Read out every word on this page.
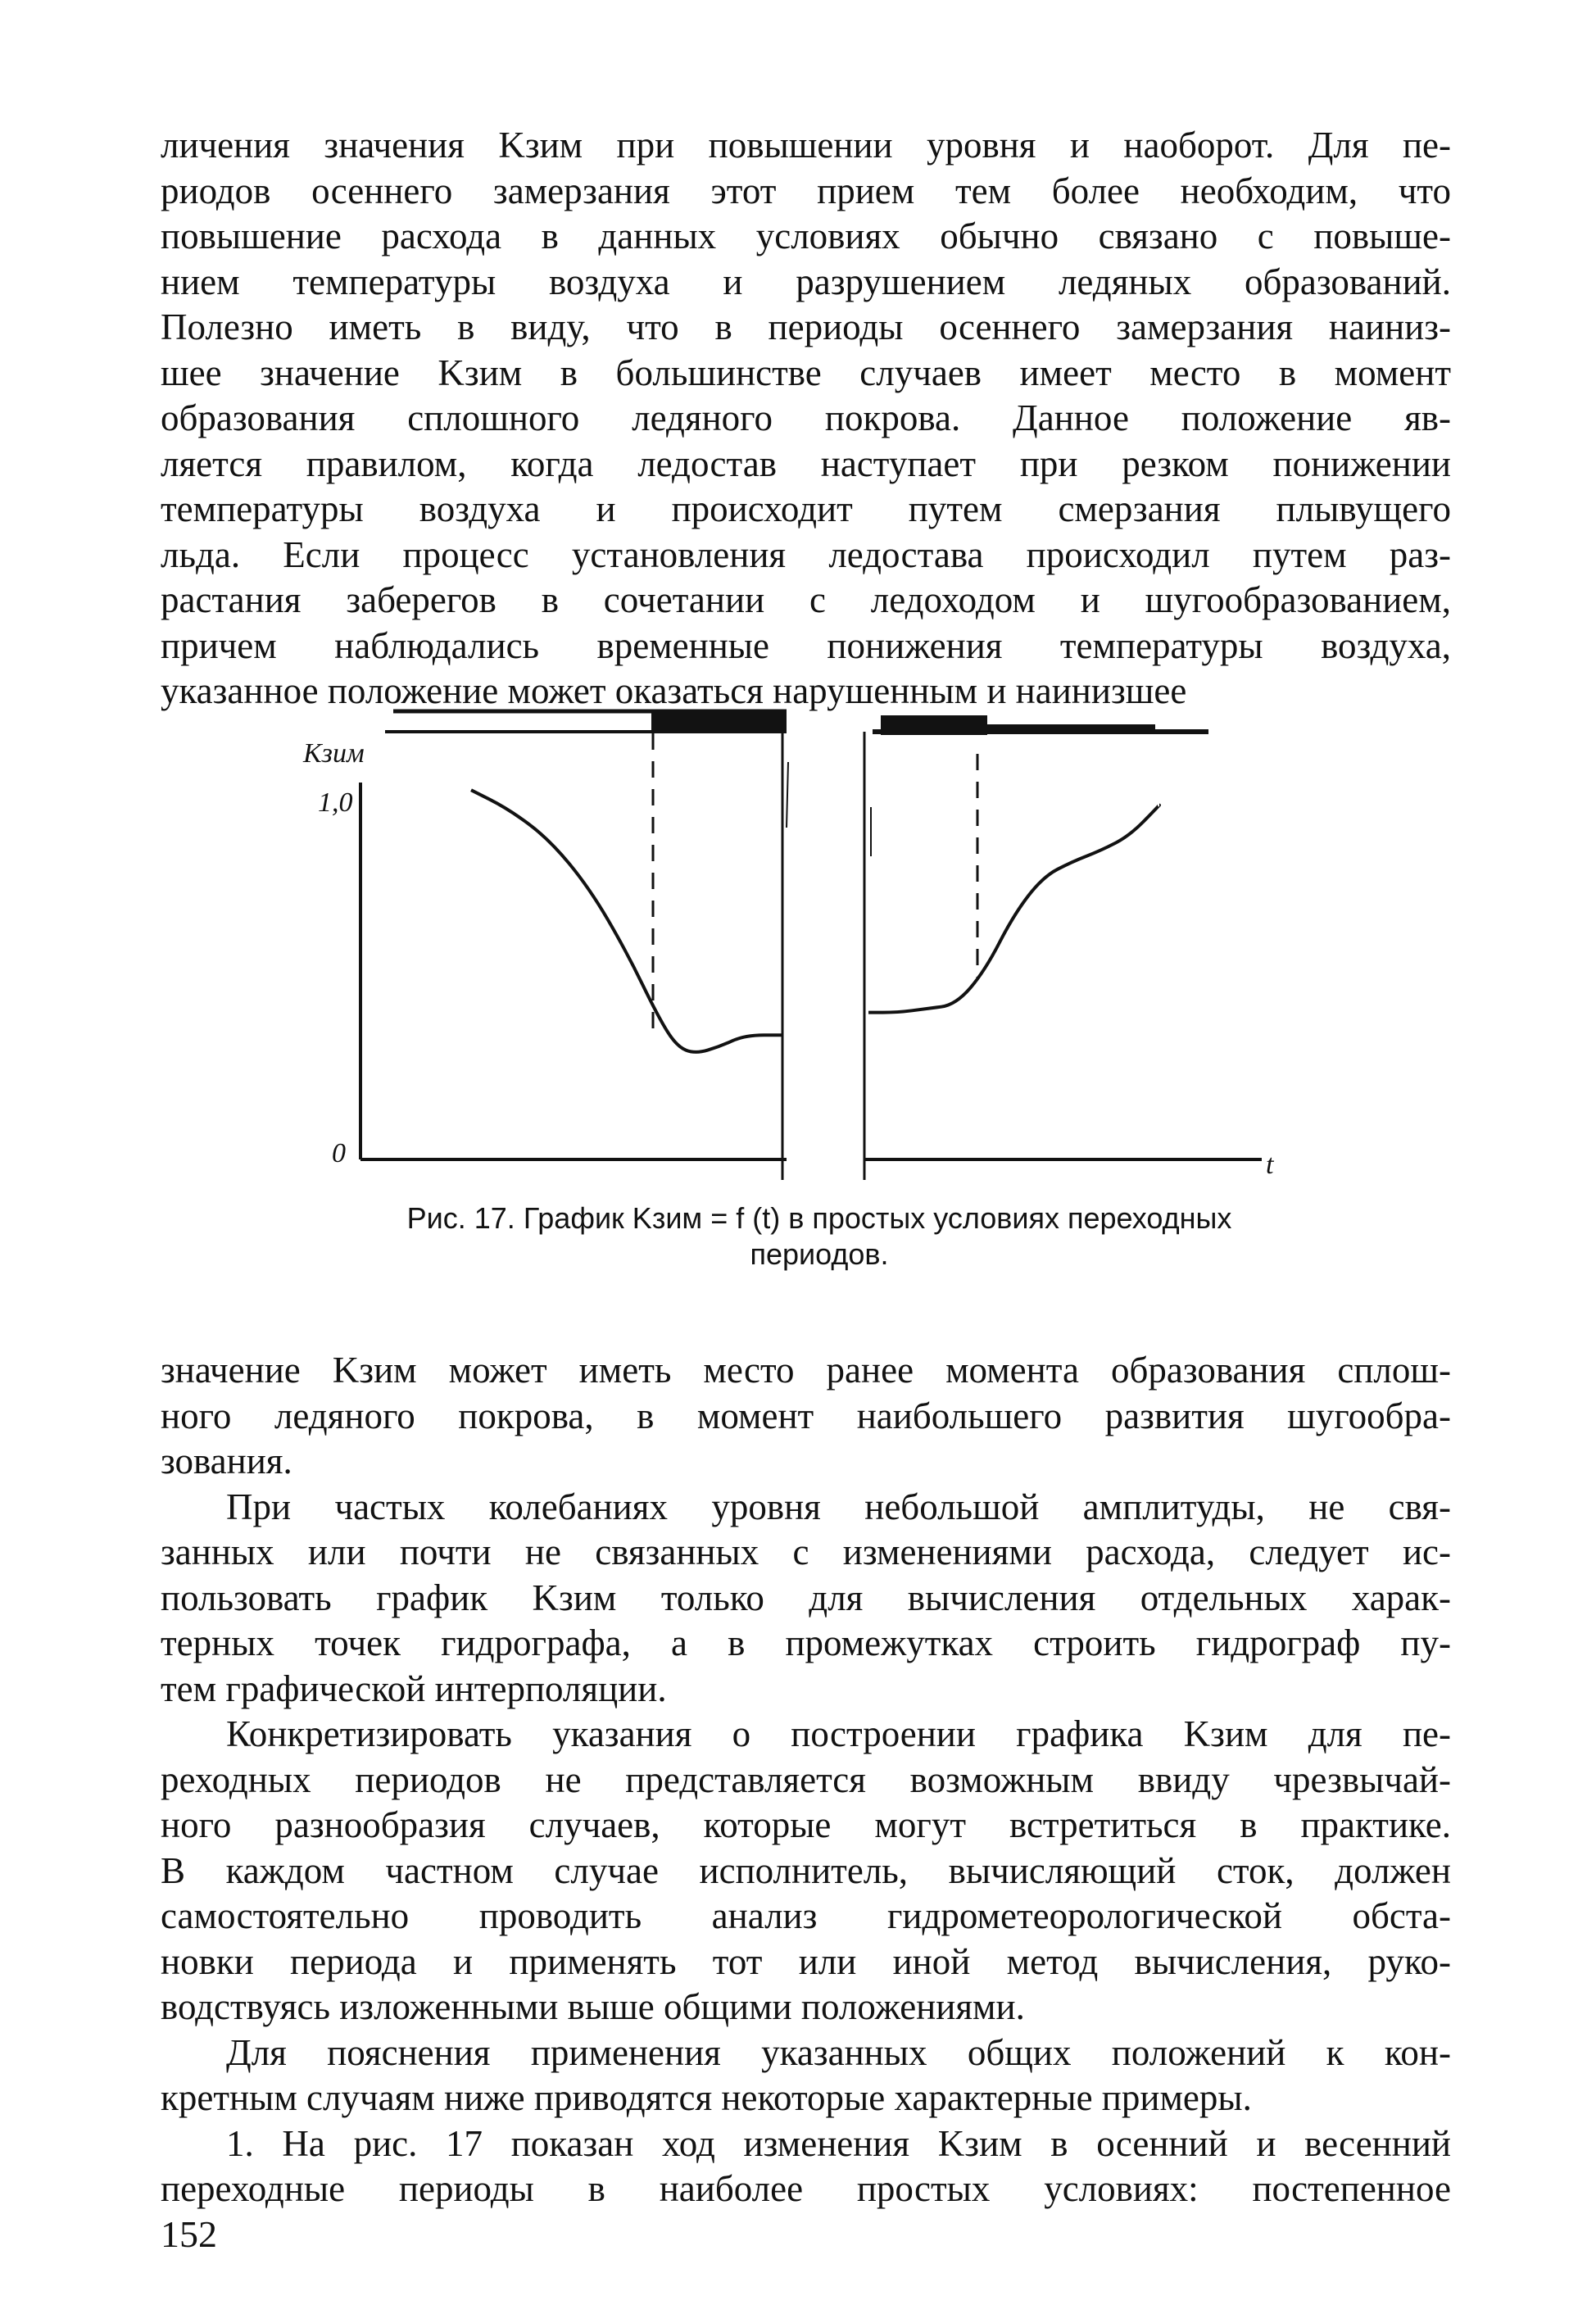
личения значения Kзим при повышении уровня и наоборот. Для пе-
риодов осеннего замерзания этот прием тем более необходим, что
повышение расхода в данных условиях обычно связано с повыше-
нием температуры воздуха и разрушением ледяных образований.
Полезно иметь в виду, что в периоды осеннего замерзания наиниз-
шее значение Kзим в большинстве случаев имеет место в момент
образования сплошного ледяного покрова. Данное положение яв-
ляется правилом, когда ледостав наступает при резком понижении
температуры воздуха и происходит путем смерзания плывущего
льда. Если процесс установления ледостава происходил путем раз-
растания заберегов в сочетании с ледоходом и шугообразованием,
причем наблюдались временные понижения температуры воздуха,
указанное положение может оказаться нарушенным и наинизшее
Kзим
1,0
0	t
Рис. 17. График Kзим = f (t) в простых условиях переходных
периодов.
значение Kзим может иметь место ранее момента образования сплош-
ного ледяного покрова, в момент наибольшего развития шугообра-
зования.
При частых колебаниях уровня небольшой амплитуды, не свя-
занных или почти не связанных с изменениями расхода, следует ис-
пользовать график Kзим только для вычисления отдельных харак-
терных точек гидрографа, а в промежутках строить гидрограф пу-
тем графической интерполяции.
Конкретизировать указания о построении графика Kзим для пе-
реходных периодов не представляется возможным ввиду чрезвычай-
ного разнообразия случаев, которые могут встретиться в практике.
В каждом частном случае исполнитель, вычисляющий сток, должен
самостоятельно проводить анализ гидрометеорологической обста-
новки периода и применять тот или иной метод вычисления, руко-
водствуясь изложенными выше общими положениями.
Для пояснения применения указанных общих положений к кон-
кретным случаям ниже приводятся некоторые характерные примеры.
1. На рис. 17 показан ход изменения Kзим в осенний и весенний
переходные периоды в наиболее простых условиях: постепенное
152
